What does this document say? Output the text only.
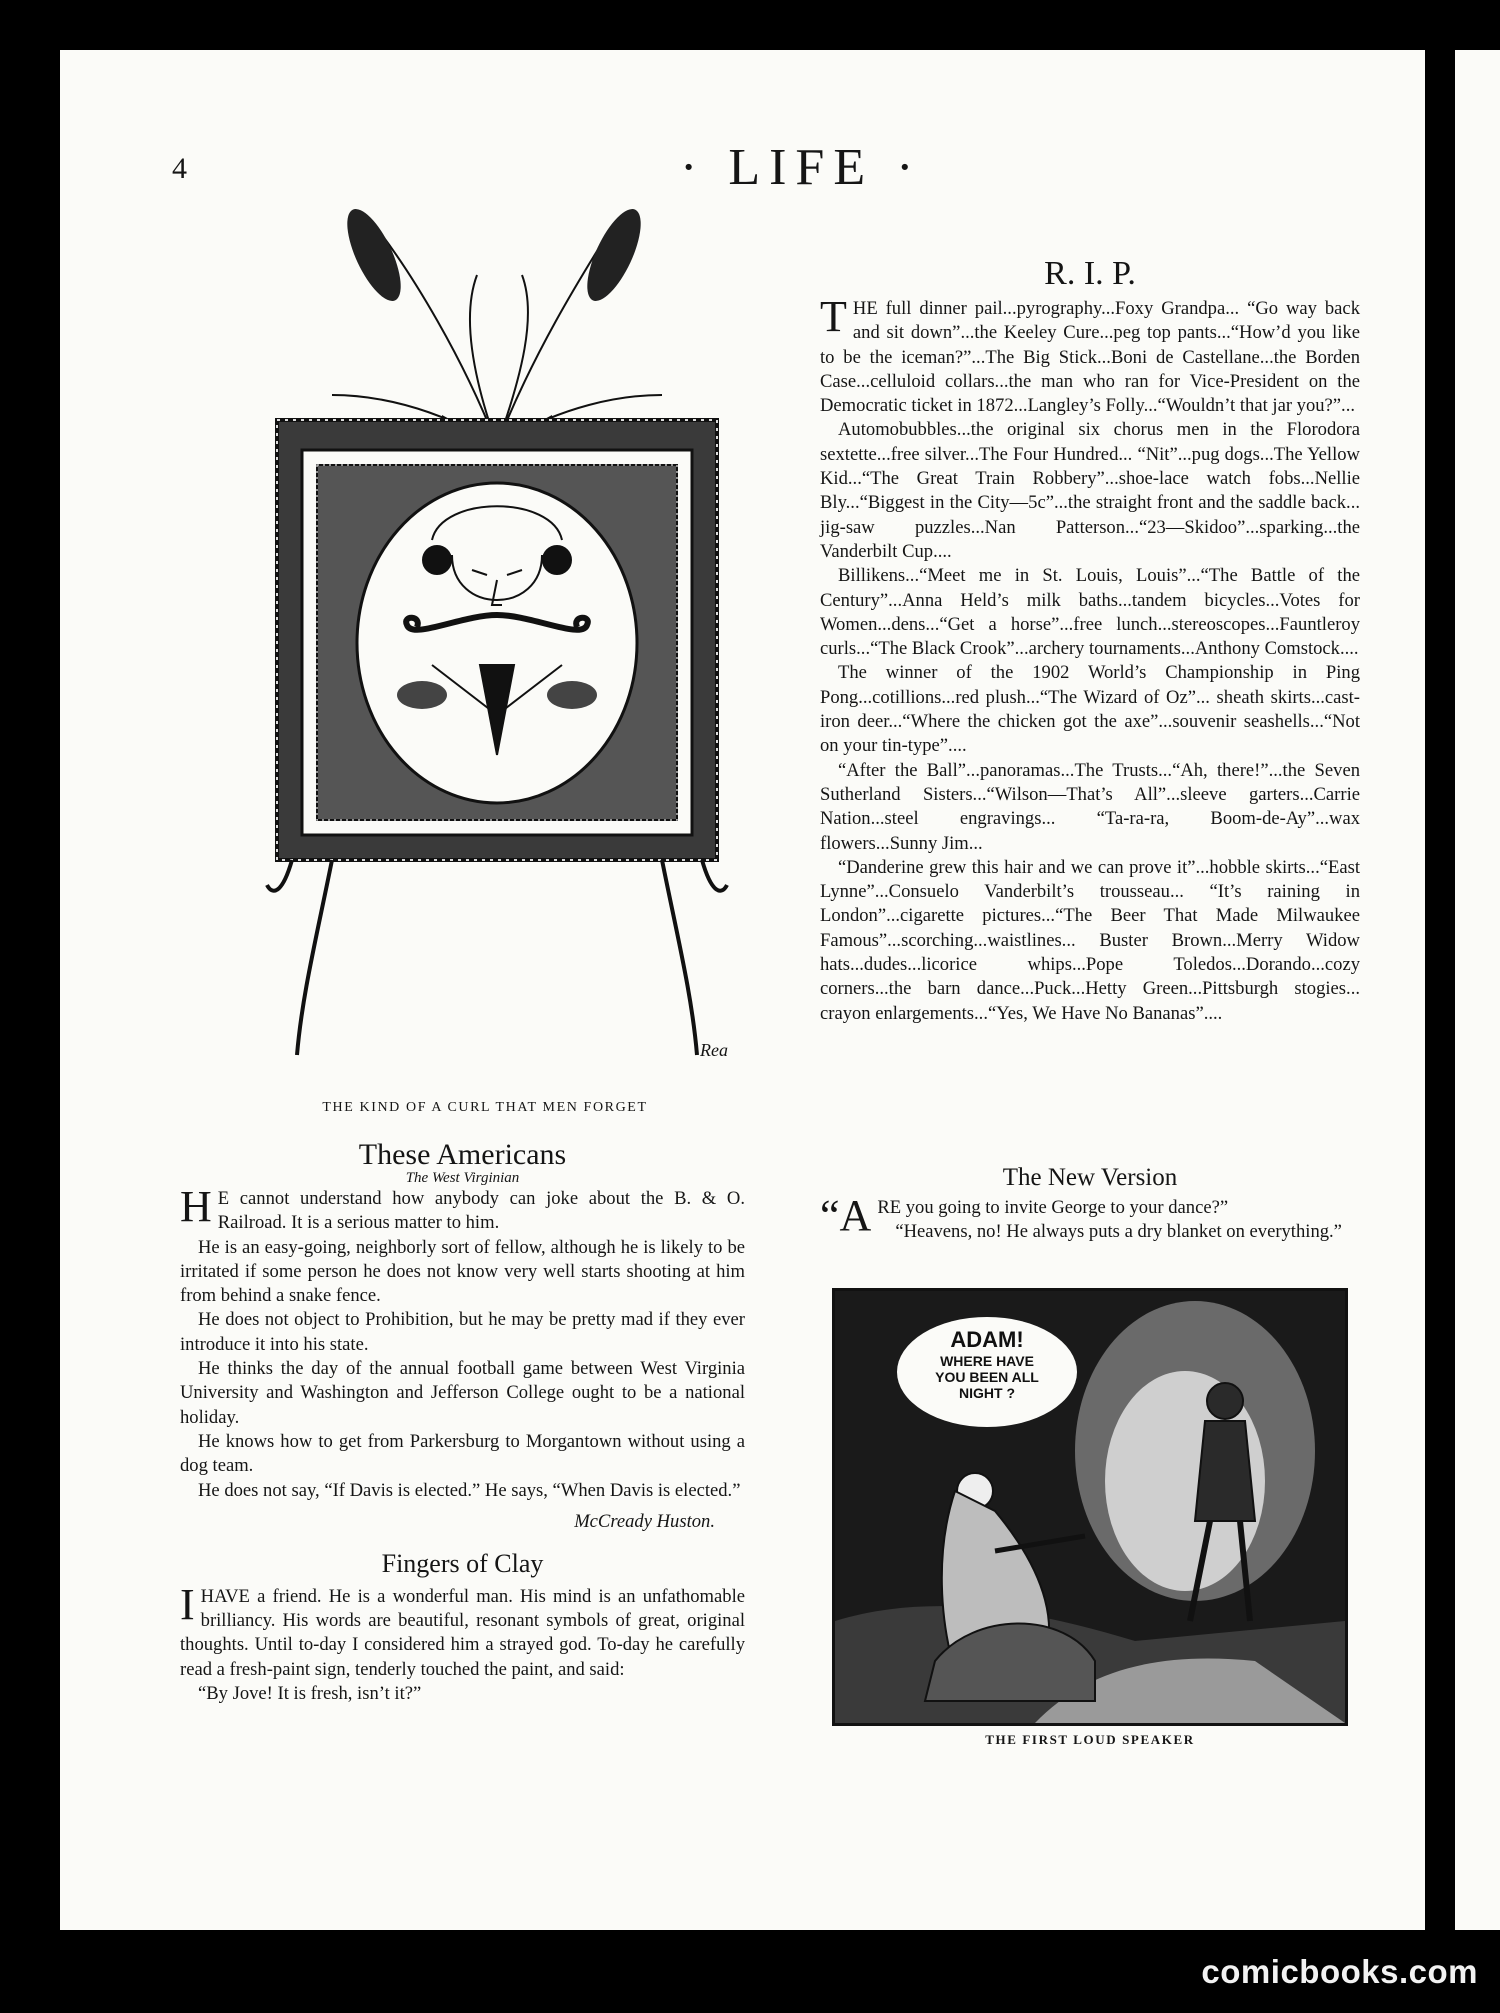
4	· LIFE ·
Rea
THE KIND OF A CURL THAT MEN FORGET
These Americans
The West Virginian

H E cannot understand how anybody can joke about the B. & O. Railroad. It is a serious matter to him.

He is an easy-going, neighborly sort of fellow, although he is likely to be irritated if some person he does not know very well starts shooting at him from behind a snake fence.

He does not object to Prohibition, but he may be pretty mad if they ever introduce it into his state.

He thinks the day of the annual football game between West Virginia University and Washington and Jefferson College ought to be a national holiday.

He knows how to get from Parkersburg to Morgantown without using a dog team.

He does not say, “If Davis is elected.” He says, “When Davis is elected.”

McCready Huston.
Fingers of Clay

IHAVE a friend. He is a wonderful man. His mind is an unfathomable brilliancy. His words are beautiful, resonant symbols of great, original thoughts. Until to-day I considered him a strayed god. To-day he carefully read a fresh-paint sign, tenderly touched the paint, and said:

“By Jove! It is fresh, isn’t it?”

R. I. P.

THE full dinner pail...pyrography...Foxy Grandpa... “Go way back and sit down”...the Keeley Cure...peg top pants...“How’d you like to be the iceman?”...The Big Stick...Boni de Castellane...the Borden Case...celluloid collars...the man who ran for Vice-President on the Democratic ticket in 1872...Langley’s Folly...“Wouldn’t that jar you?”...

Automobubbles...the original six chorus men in the Florodora sextette...free silver...The Four Hundred... “Nit”...pug dogs...The Yellow Kid...“The Great Train Robbery”...shoe-lace watch fobs...Nellie Bly...“Biggest in the City—5c”...the straight front and the saddle back... jig-saw puzzles...Nan Patterson...“23—Skidoo”...sparking...the Vanderbilt Cup....

Billikens...“Meet me in St. Louis, Louis”...“The Battle of the Century”...Anna Held’s milk baths...tandem bicycles...Votes for Women...dens...“Get a horse”...free lunch...stereoscopes...Fauntleroy curls...“The Black Crook”...archery tournaments...Anthony Comstock....

The winner of the 1902 World’s Championship in Ping Pong...cotillions...red plush...“The Wizard of Oz”... sheath skirts...cast-iron deer...“Where the chicken got the axe”...souvenir seashells...“Not on your tin-type”....

“After the Ball”...panoramas...The Trusts...“Ah, there!”...the Seven Sutherland Sisters...“Wilson—That’s All”...sleeve garters...Carrie Nation...steel engravings... “Ta-ra-ra, Boom-de-Ay”...wax flowers...Sunny Jim...

“Danderine grew this hair and we can prove it”...hobble skirts...“East Lynne”...Consuelo Vanderbilt’s trousseau... “It’s raining in London”...cigarette pictures...“The Beer That Made Milwaukee Famous”...scorching...waistlines... Buster Brown...Merry Widow hats...dudes...licorice whips...Pope Toledos...Dorando...cozy corners...the barn dance...Puck...Hetty Green...Pittsburgh stogies... crayon enlargements...“Yes, We Have No Bananas”....

The New Version

“ARE you going to invite George to your dance?”

“Heavens, no! He always puts a dry blanket on everything.”

ADAM!
WHERE HAVE
YOU BEEN ALL
NIGHT ?
THE FIRST LOUD SPEAKER
comicbooks.com
